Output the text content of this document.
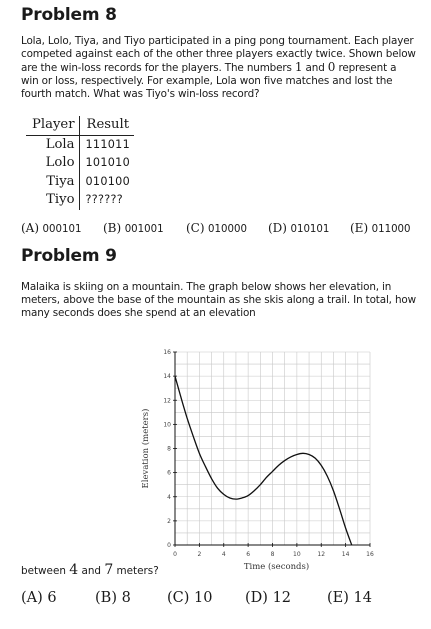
Problem 8
Lola, Lolo, Tiya, and Tiyo participated in a ping pong tournament. Each player competed against each of the other three players exactly twice. Shown below are the win-loss records for the players. The numbers 1 and 0 represent a win or loss, respectively. For example, Lola won five matches and lost the fourth match. What was Tiyo's win-loss record?
Player	Result
Lola	111011
Lolo	101010
Tiya	010100
Tiyo	??????
(A) 000101 (B) 001001 (C) 010000 (D) 010101 (E) 011000
Problem 9
Malaika is skiing on a mountain. The graph below shows her elevation, in meters, above the base of the mountain as she skis along a trail. In total, how many seconds does she spend at an elevation
0	2	4	6	8	10	12	14	16
0
2
4
6
8
10
12
14
16
Time (seconds)
Elevation (meters)
between 4 and 7 meters?
(A) 6	(B) 8 (C) 10 (D) 12 (E) 14
